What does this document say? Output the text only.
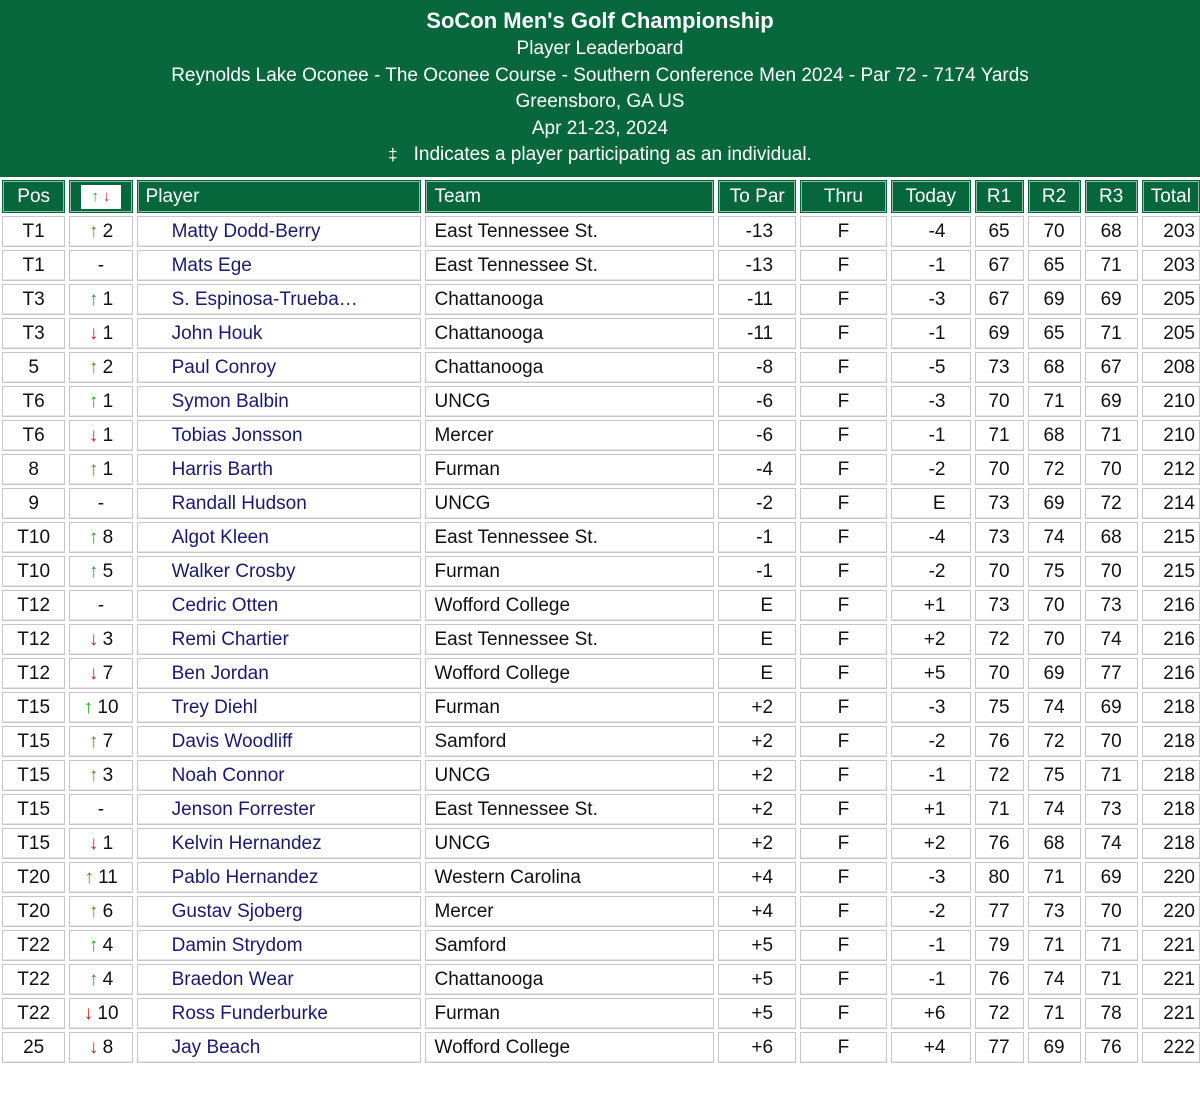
SoCon Men's Golf Championship
Player Leaderboard
Reynolds Lake Oconee - The Oconee Course - Southern Conference Men 2024 - Par 72 - 7174 Yards
Greensboro, GA US
Apr 21-23, 2024
‡ Indicates a player participating as an individual.
Pos	↑ ↓	Player	Team	To Par	Thru	Today	R1	R2	R3	Total
T1	↑ 2	Matty Dodd-Berry	East Tennessee St.	-13	F	-4	65	70	68	203
T1	-	Mats Ege	East Tennessee St.	-13	F	-1	67	65	71	203
T3	↑ 1	S. Espinosa-Trueba…	Chattanooga	-11	F	-3	67	69	69	205
T3	↓ 1	John Houk	Chattanooga	-11	F	-1	69	65	71	205
5	↑ 2	Paul Conroy	Chattanooga	-8	F	-5	73	68	67	208
T6	↑ 1	Symon Balbin	UNCG	-6	F	-3	70	71	69	210
T6	↓ 1	Tobias Jonsson	Mercer	-6	F	-1	71	68	71	210
8	↑ 1	Harris Barth	Furman	-4	F	-2	70	72	70	212
9	-	Randall Hudson	UNCG	-2	F	E	73	69	72	214
T10	↑ 8	Algot Kleen	East Tennessee St.	-1	F	-4	73	74	68	215
T10	↑ 5	Walker Crosby	Furman	-1	F	-2	70	75	70	215
T12	-	Cedric Otten	Wofford College	E	F	+1	73	70	73	216
T12	↓ 3	Remi Chartier	East Tennessee St.	E	F	+2	72	70	74	216
T12	↓ 7	Ben Jordan	Wofford College	E	F	+5	70	69	77	216
T15	↑ 10	Trey Diehl	Furman	+2	F	-3	75	74	69	218
T15	↑ 7	Davis Woodliff	Samford	+2	F	-2	76	72	70	218
T15	↑ 3	Noah Connor	UNCG	+2	F	-1	72	75	71	218
T15	-	Jenson Forrester	East Tennessee St.	+2	F	+1	71	74	73	218
T15	↓ 1	Kelvin Hernandez	UNCG	+2	F	+2	76	68	74	218
T20	↑ 11	Pablo Hernandez	Western Carolina	+4	F	-3	80	71	69	220
T20	↑ 6	Gustav Sjoberg	Mercer	+4	F	-2	77	73	70	220
T22	↑ 4	Damin Strydom	Samford	+5	F	-1	79	71	71	221
T22	↑ 4	Braedon Wear	Chattanooga	+5	F	-1	76	74	71	221
T22	↓ 10	Ross Funderburke	Furman	+5	F	+6	72	71	78	221
25	↓ 8	Jay Beach	Wofford College	+6	F	+4	77	69	76	222
